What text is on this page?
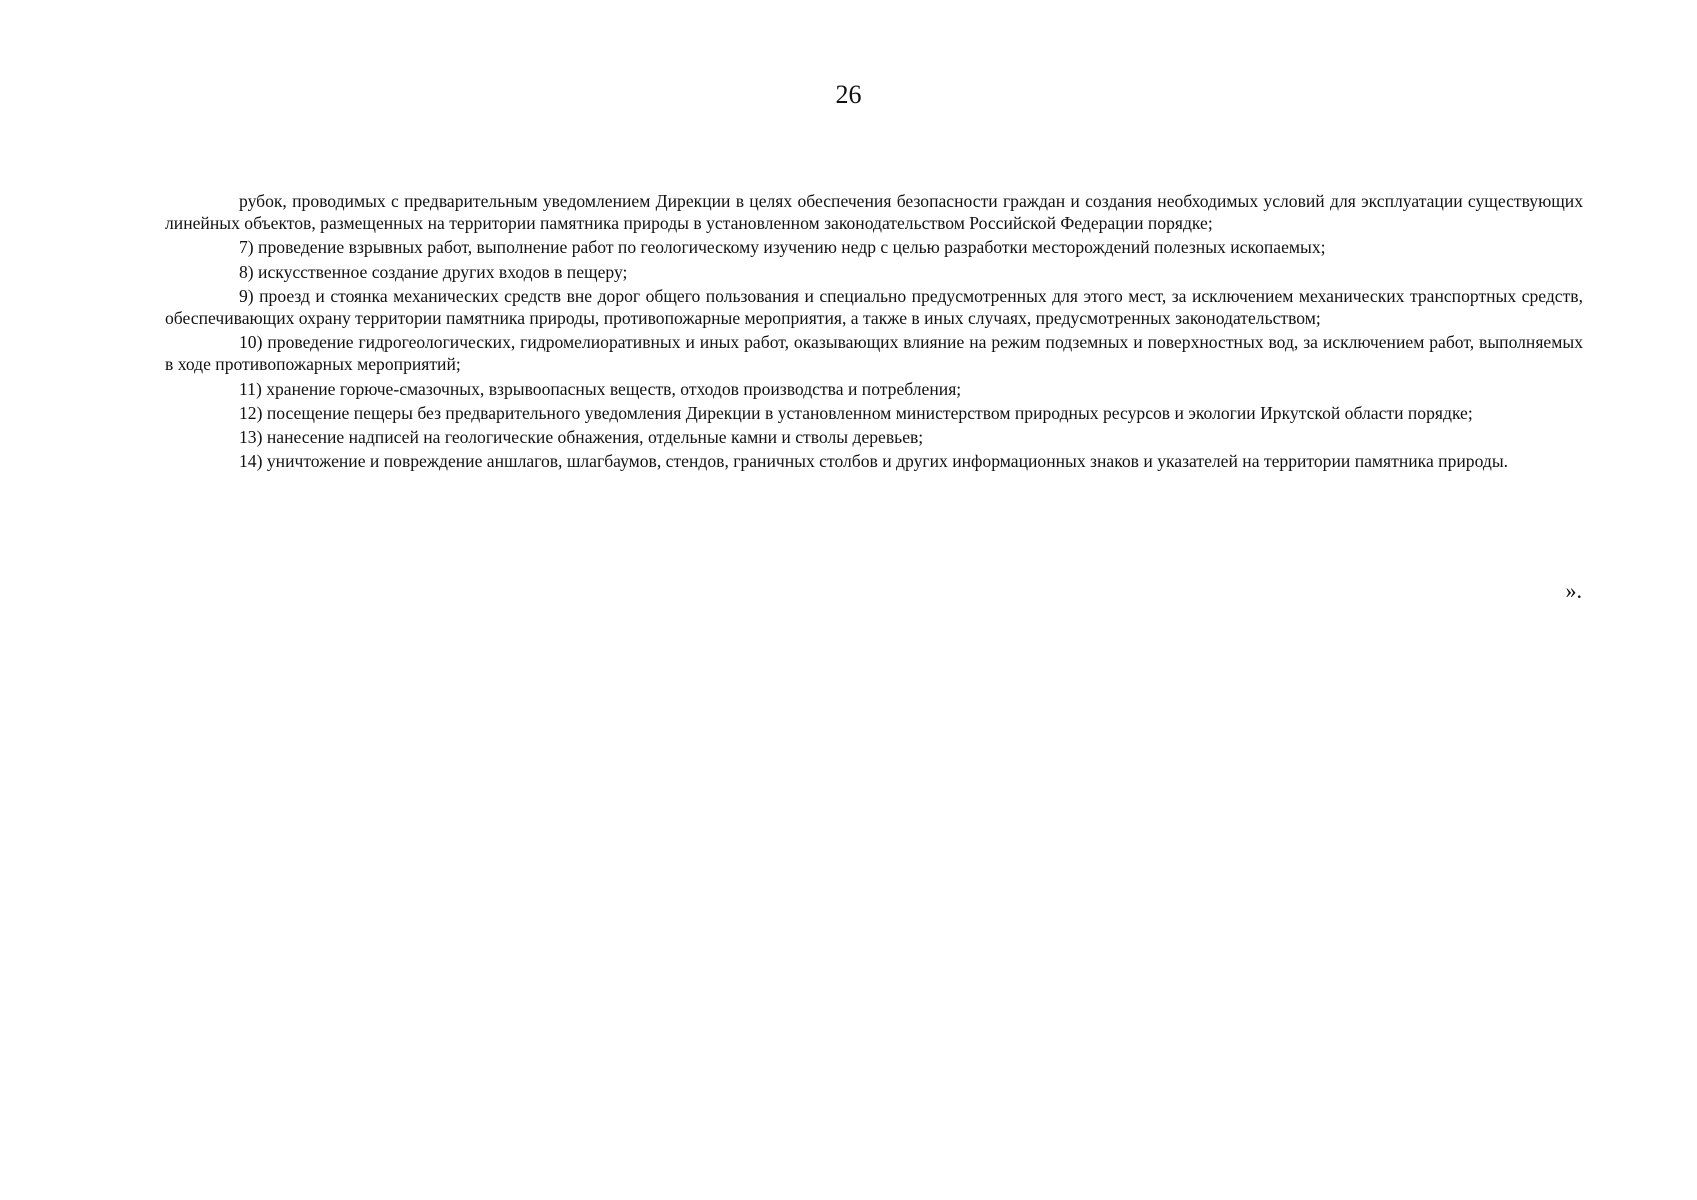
26

рубок, проводимых с предварительным уведомлением Дирекции в целях обеспечения безопасности граждан и создания необходимых условий для эксплуатации существующих линейных объектов, размещенных на территории памятника природы в установленном законодательством Российской Федерации порядке;

7) проведение взрывных работ, выполнение работ по геологическому изучению недр с целью разработки месторождений полезных ископаемых;

8) искусственное создание других входов в пещеру;

9) проезд и стоянка механических средств вне дорог общего пользования и специально предусмотренных для этого мест, за исключением механических транспортных средств, обеспечивающих охрану территории памятника природы, противопожарные мероприятия, а также в иных случаях, предусмотренных законодательством;

10) проведение гидрогеологических, гидромелиоративных и иных работ, оказывающих влияние на режим подземных и поверхностных вод, за исключением работ, выполняемых в ходе противопожарных мероприятий;

11) хранение горюче-смазочных, взрывоопасных веществ, отходов производства и потребления;

12) посещение пещеры без предварительного уведомления Дирекции в установленном министерством природных ресурсов и экологии Иркутской области порядке;

13) нанесение надписей на геологические обнажения, отдельные камни и стволы деревьев;

14) уничтожение и повреждение аншлагов, шлагбаумов, стендов, граничных столбов и других информационных знаков и указателей на территории памятника природы.

».
